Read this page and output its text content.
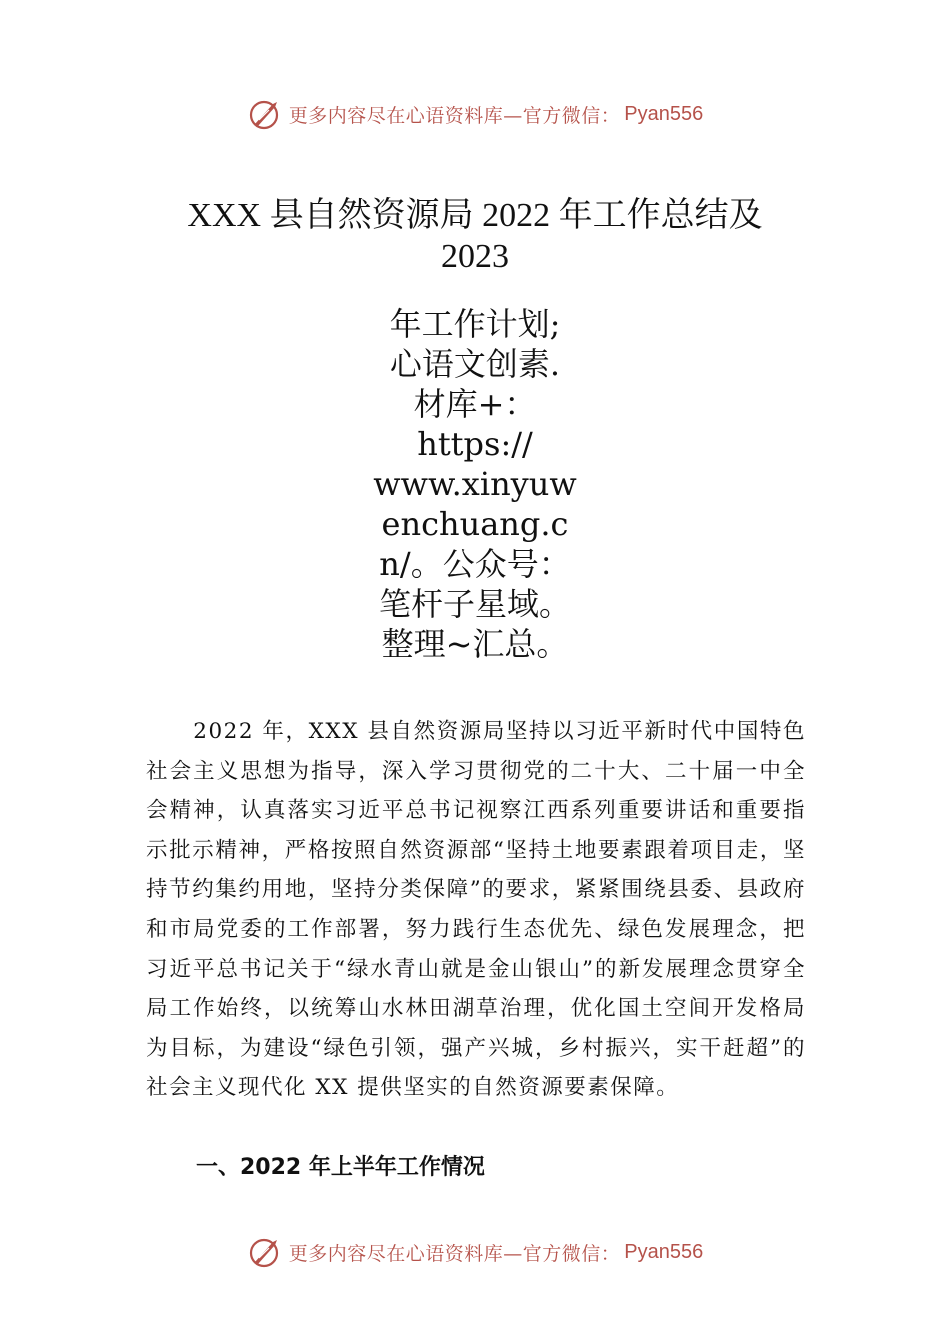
更多内容尽在心语资料库—官方微信： Pyan556
XXX 县自然资源局 2022 年工作总结及
2023
年工作计划;
心语文创素.
材库+：
https://
www.xinyuw
enchuang.c
n/。公众号：
笔杆子星域。
整理~汇总。

2022 年，XXX 县自然资源局坚持以习近平新时代中国特色社会主义思想为指导，深入学习贯彻党的二十大、二十届一中全会精神，认真落实习近平总书记视察江西系列重要讲话和重要指示批示精神，严格按照自然资源部“坚持土地要素跟着项目走，坚持节约集约用地，坚持分类保障”的要求，紧紧围绕县委、县政府和市局党委的工作部署，努力践行生态优先、绿色发展理念，把习近平总书记关于“绿水青山就是金山银山”的新发展理念贯穿全局工作始终，以统筹山水林田湖草治理，优化国土空间开发格局为目标，为建设“绿色引领，强产兴城，乡村振兴，实干赶超”的社会主义现代化 XX 提供坚实的自然资源要素保障。

一、2022 年上半年工作情况
更多内容尽在心语资料库—官方微信： Pyan556
